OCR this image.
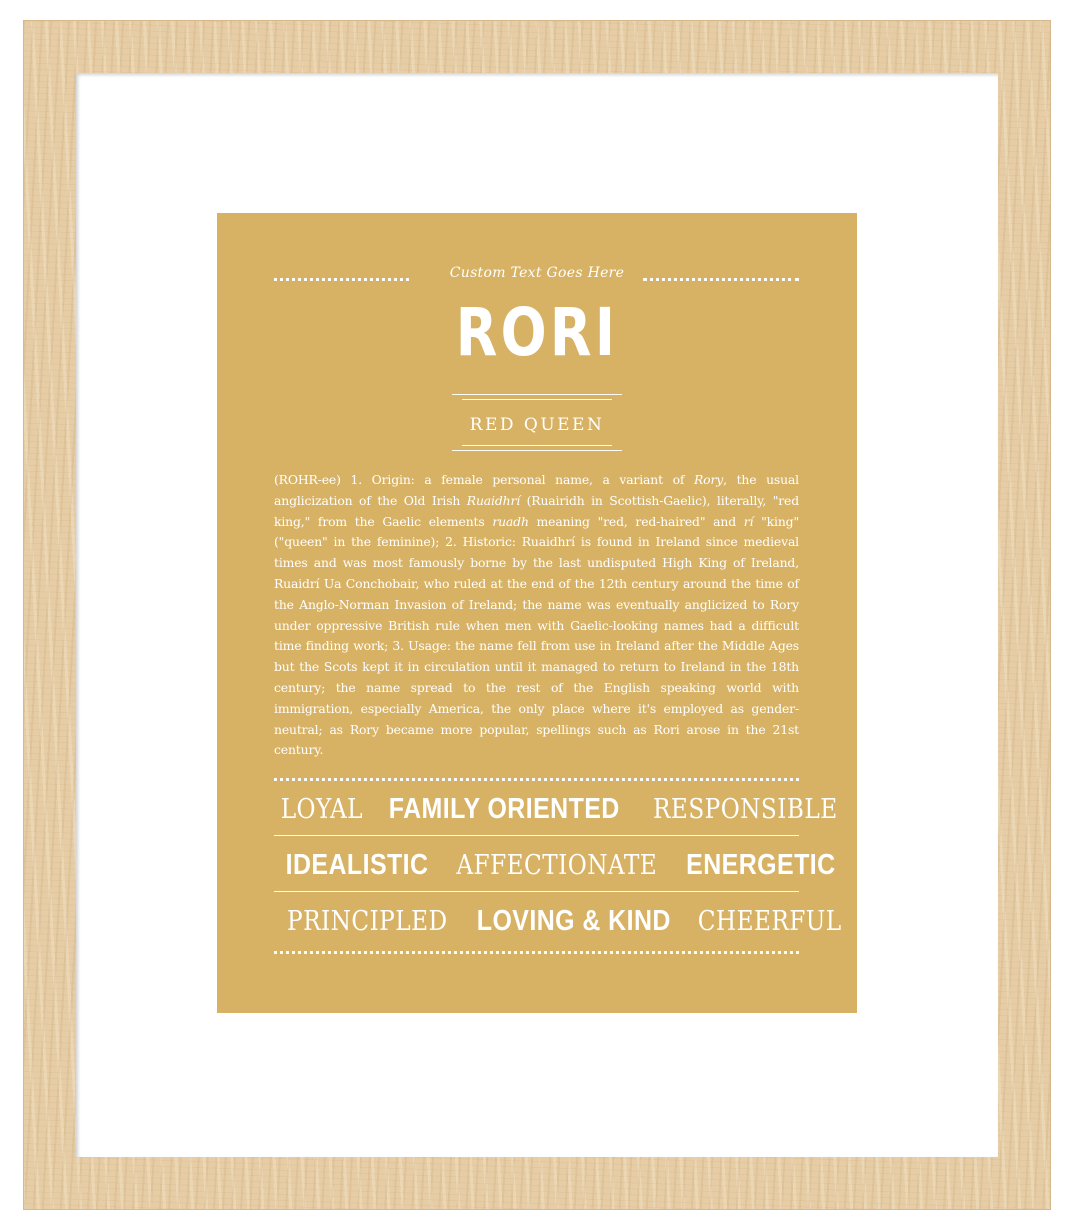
Custom Text Goes Here
RORI
RED QUEEN
(ROHR-ee) 1. Origin: a female personal name, a variant of Rory, the usual anglicization of the Old Irish Ruaidhrí (Ruairidh in Scottish-Gaelic), literally, "red king," from the Gaelic elements ruadh meaning "red, red-haired" and rí "king" ("queen" in the feminine); 2. Historic: Ruaidhrí is found in Ireland since medieval times and was most famously borne by the last undisputed High King of Ireland, Ruaidrí Ua Conchobair, who ruled at the end of the 12th century around the time of the Anglo-Norman Invasion of Ireland; the name was eventually anglicized to Rory under oppressive British rule when men with Gaelic-looking names had a difficult time finding work; 3. Usage: the name fell from use in Ireland after the Middle Ages but the Scots kept it in circulation until it managed to return to Ireland in the 18th century; the name spread to the rest of the English speaking world with immigration, especially America, the only place where it's employed as gender-neutral; as Rory became more popular, spellings such as Rori arose in the 21st century.
LOYAL FAMILY ORIENTED RESPONSIBLE
IDEALISTIC AFFECTIONATE ENERGETIC
PRINCIPLED LOVING & KIND CHEERFUL
